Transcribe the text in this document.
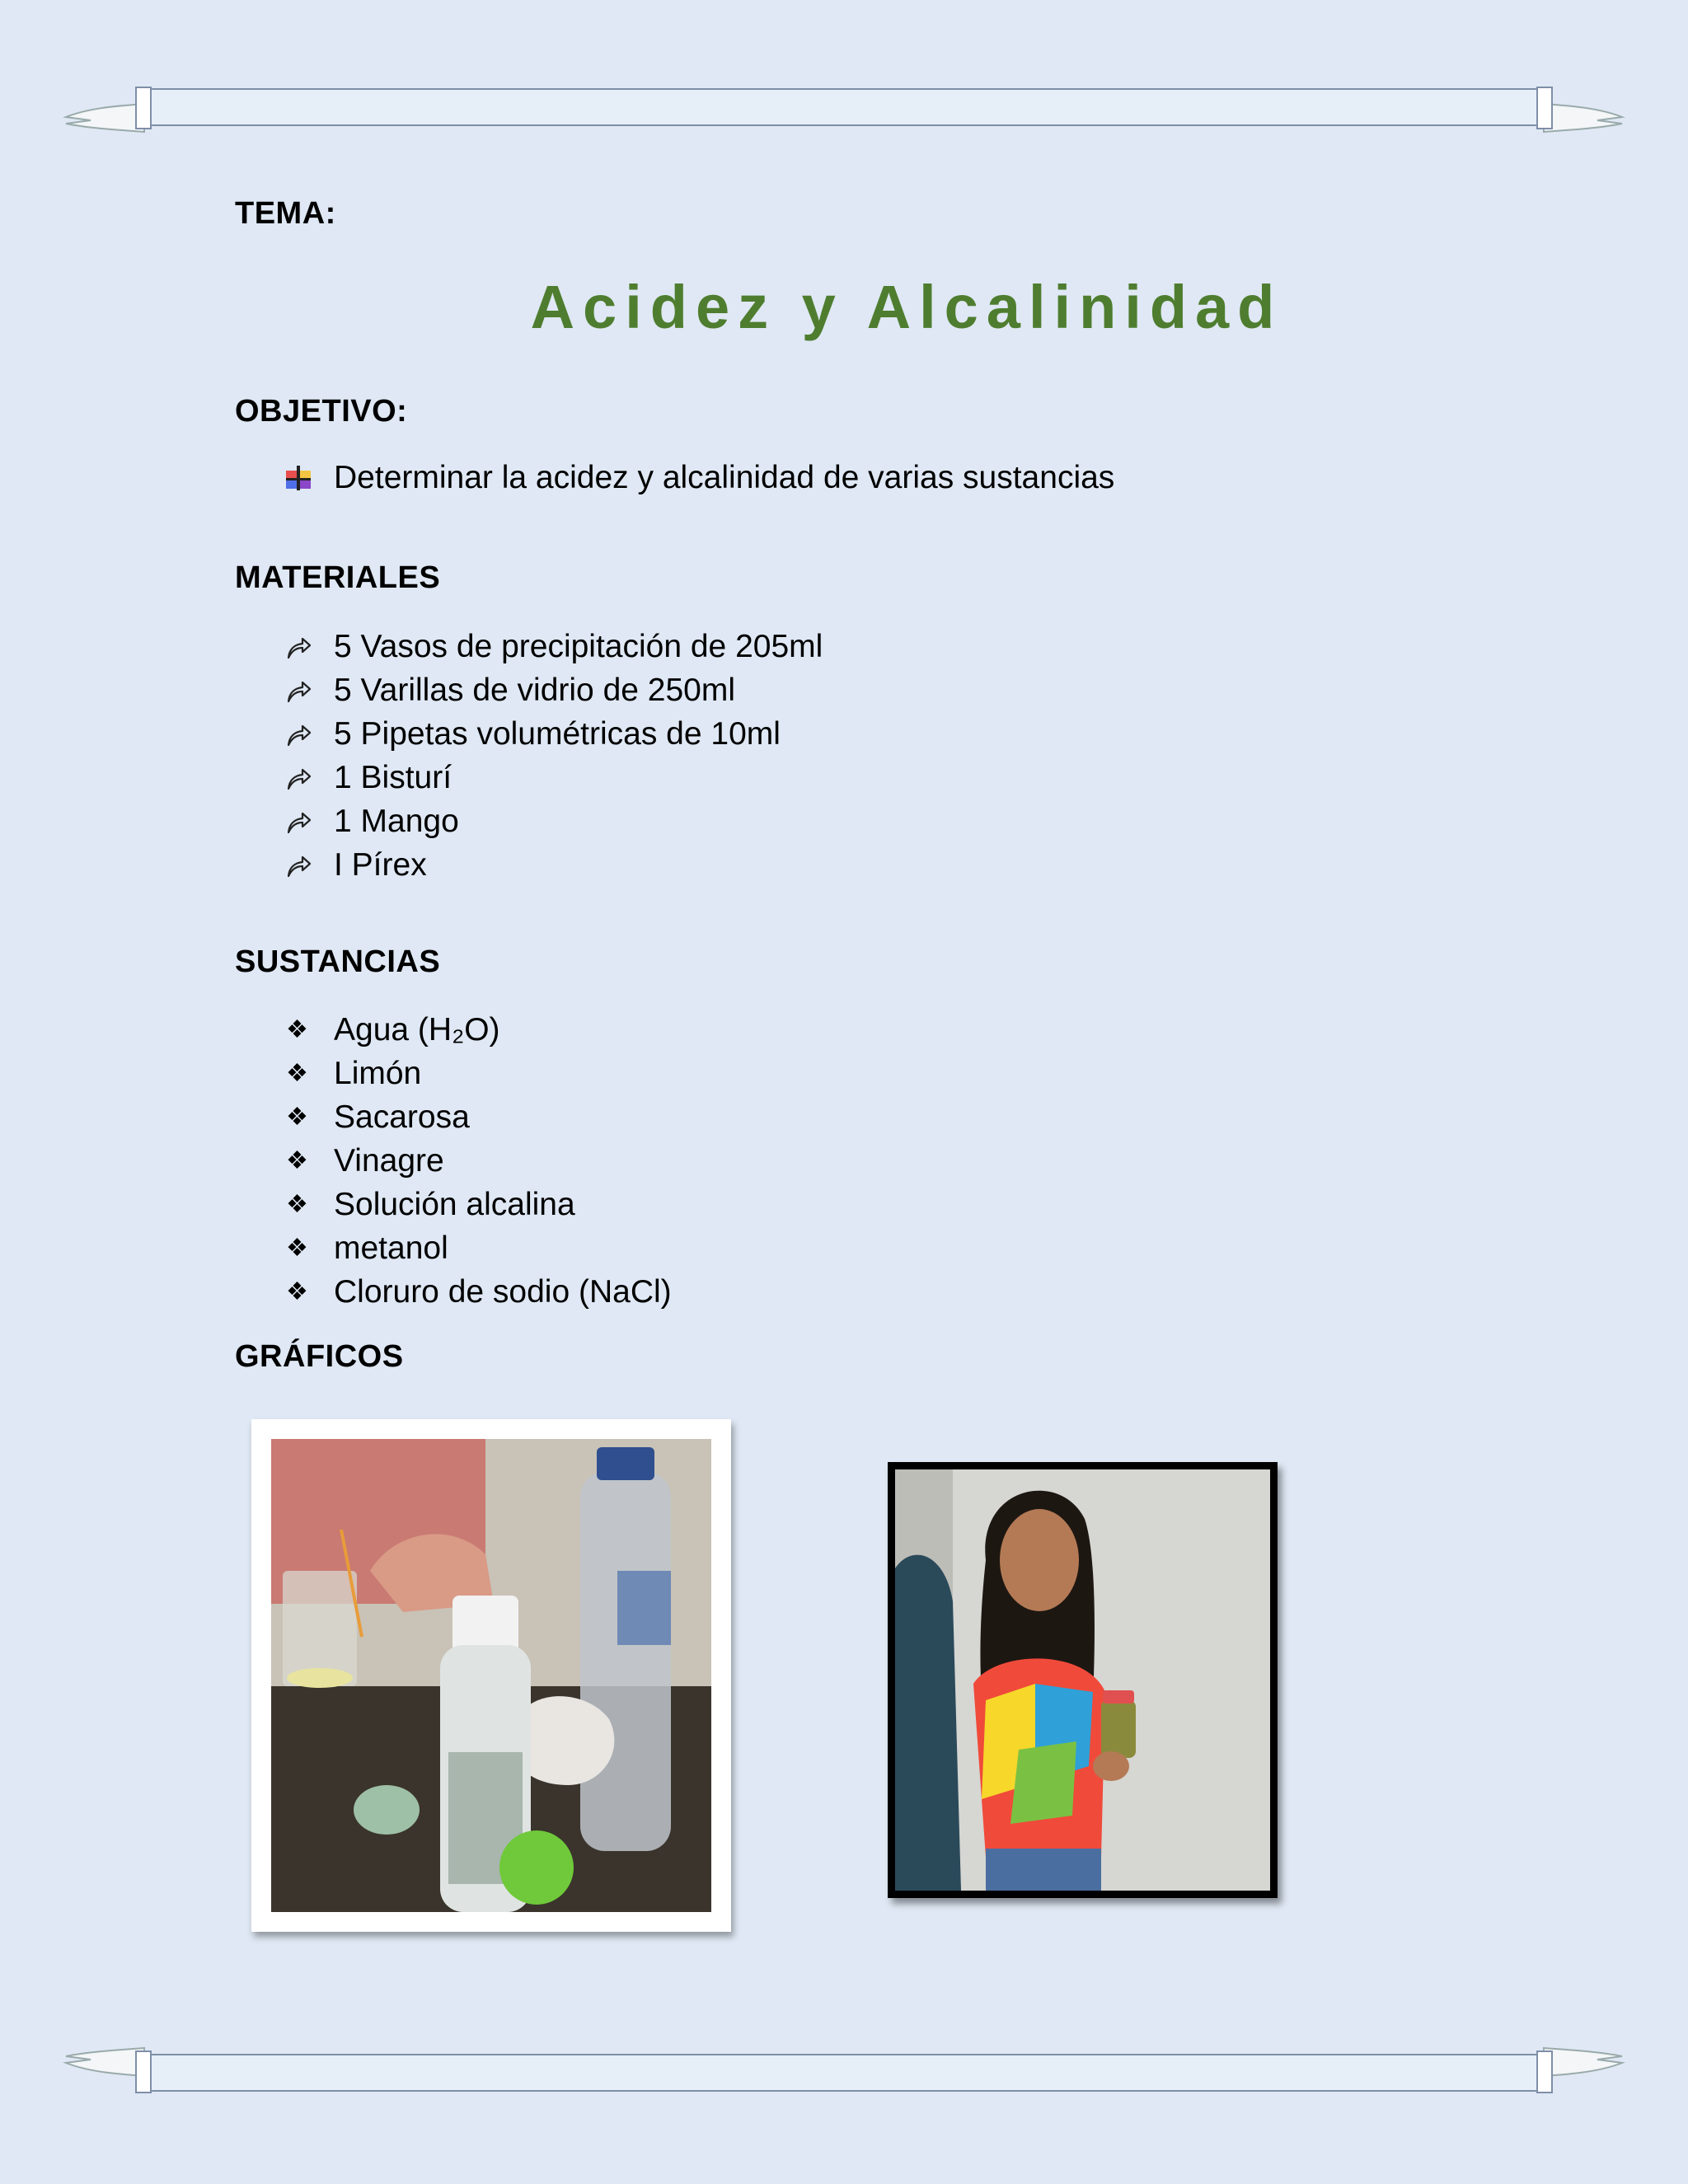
TEMA:
Acidez y Alcalinidad
OBJETIVO:
Determinar la acidez y alcalinidad de varias sustancias
MATERIALES
5 Vasos de precipitación de 205ml
5 Varillas de vidrio de 250ml
5 Pipetas volumétricas de 10ml
1 Bisturí
1 Mango
I Pírex
SUSTANCIAS
❖ Agua (H₂O)
❖ Limón
❖ Sacarosa
❖ Vinagre
❖ Solución alcalina
❖ metanol
❖ Cloruro de sodio (NaCl)
GRÁFICOS
